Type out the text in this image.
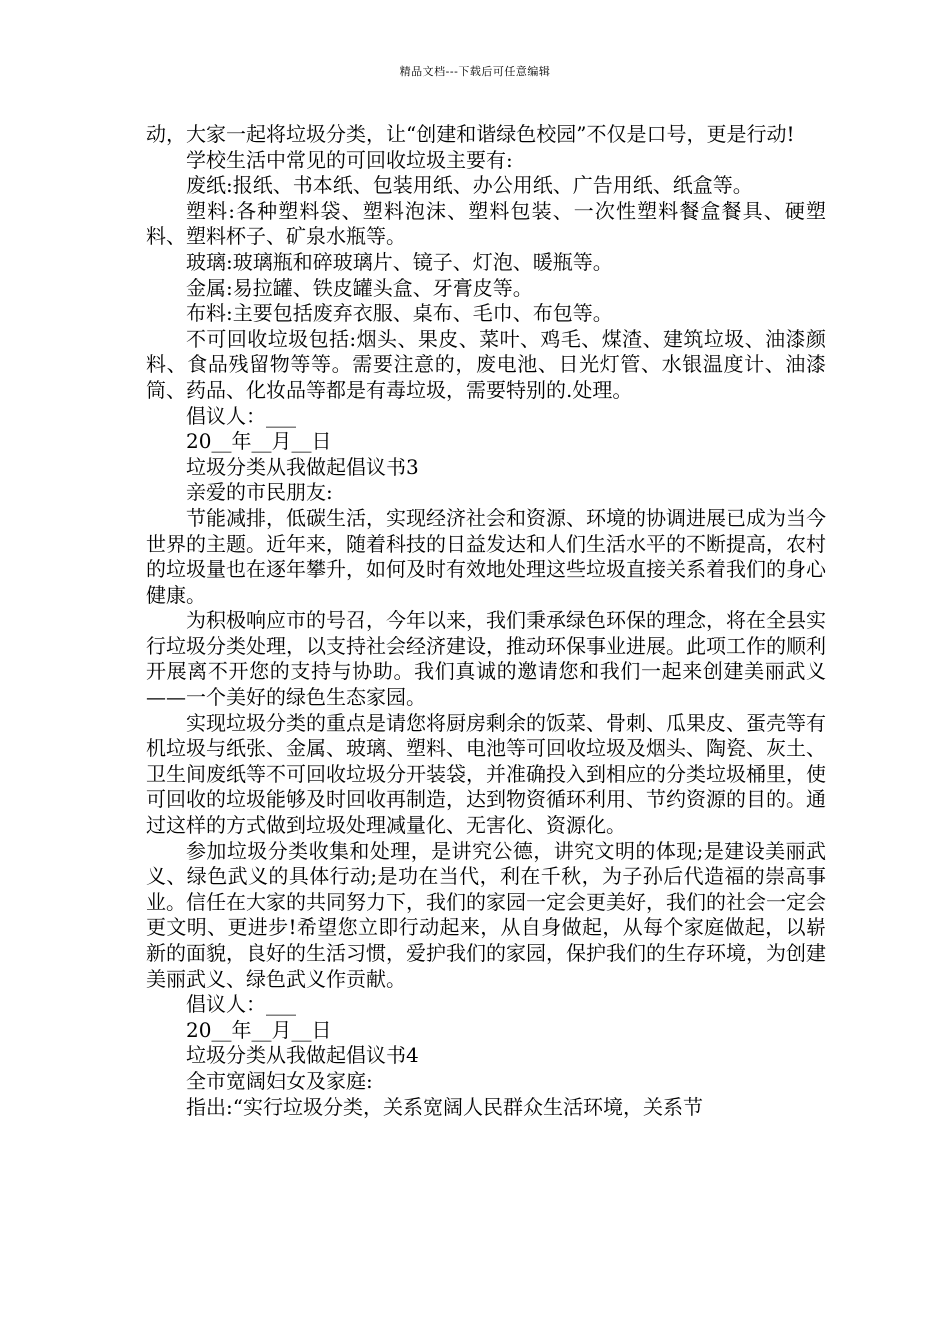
精品文档---下载后可任意编辑

动，大家一起将垃圾分类，让“创建和谐绿色校园”不仅是口号，更是行动!

学校生活中常见的可回收垃圾主要有:

废纸:报纸、书本纸、包装用纸、办公用纸、广告用纸、纸盒等。

塑料:各种塑料袋、塑料泡沫、塑料包装、一次性塑料餐盒餐具、硬塑料、塑料杯子、矿泉水瓶等。

玻璃:玻璃瓶和碎玻璃片、镜子、灯泡、暖瓶等。

金属:易拉罐、铁皮罐头盒、牙膏皮等。

布料:主要包括废弃衣服、桌布、毛巾、布包等。

不可回收垃圾包括:烟头、果皮、菜叶、鸡毛、煤渣、建筑垃圾、油漆颜料、食品残留物等等。需要注意的，废电池、日光灯管、水银温度计、油漆筒、药品、化妆品等都是有毒垃圾，需要特别的.处理。

倡议人：___

20__年__月__日

垃圾分类从我做起倡议书3

亲爱的市民朋友:

节能减排，低碳生活，实现经济社会和资源、环境的协调进展已成为当今世界的主题。近年来，随着科技的日益发达和人们生活水平的不断提高，农村的垃圾量也在逐年攀升，如何及时有效地处理这些垃圾直接关系着我们的身心健康。

为积极响应市的号召，今年以来，我们秉承绿色环保的理念，将在全县实行垃圾分类处理，以支持社会经济建设，推动环保事业进展。此项工作的顺利开展离不开您的支持与协助。我们真诚的邀请您和我们一起来创建美丽武义——一个美好的绿色生态家园。

实现垃圾分类的重点是请您将厨房剩余的饭菜、骨刺、瓜果皮、蛋壳等有机垃圾与纸张、金属、玻璃、塑料、电池等可回收垃圾及烟头、陶瓷、灰土、卫生间废纸等不可回收垃圾分开装袋，并准确投入到相应的分类垃圾桶里，使可回收的垃圾能够及时回收再制造，达到物资循环利用、节约资源的目的。通过这样的方式做到垃圾处理减量化、无害化、资源化。

参加垃圾分类收集和处理，是讲究公德，讲究文明的体现;是建设美丽武义、绿色武义的具体行动;是功在当代，利在千秋，为子孙后代造福的崇高事业。信任在大家的共同努力下，我们的家园一定会更美好，我们的社会一定会更文明、更进步!希望您立即行动起来，从自身做起，从每个家庭做起，以崭新的面貌，良好的生活习惯，爱护我们的家园，保护我们的生存环境，为创建美丽武义、绿色武义作贡献。

倡议人：___

20__年__月__日

垃圾分类从我做起倡议书4

全市宽阔妇女及家庭:

指出:“实行垃圾分类，关系宽阔人民群众生活环境，关系节
